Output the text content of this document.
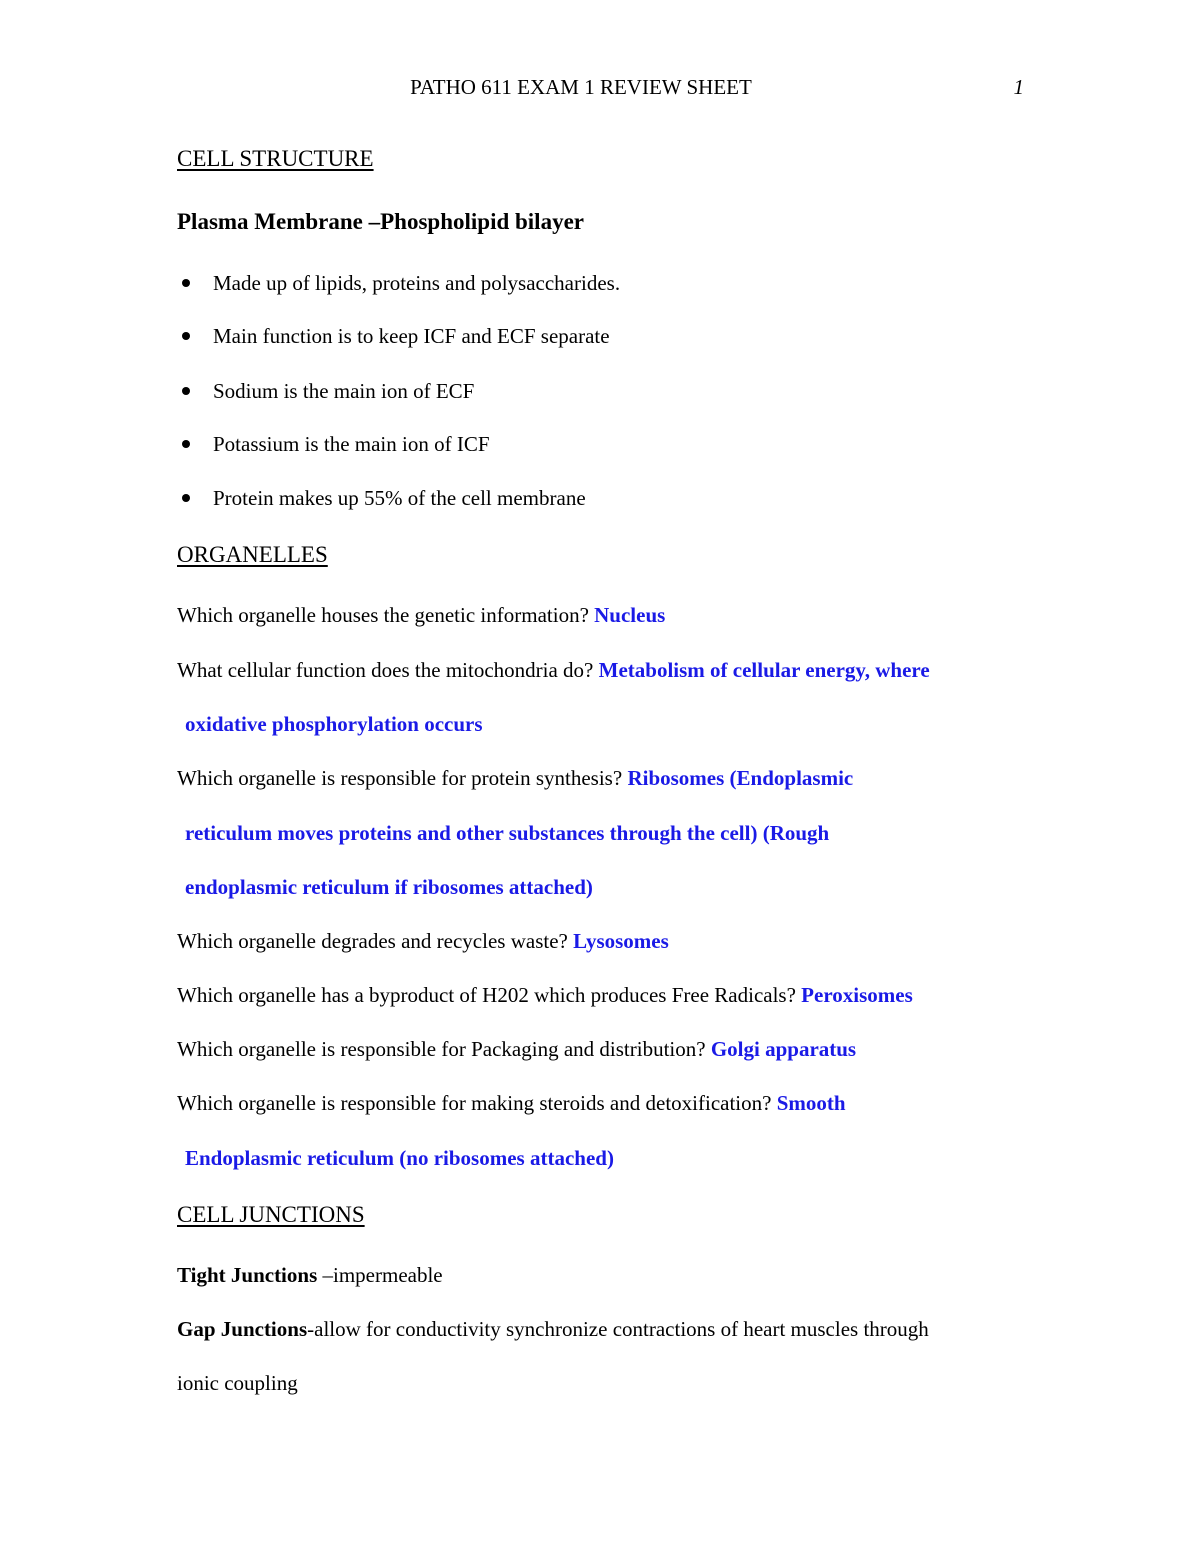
PATHO 611 EXAM 1 REVIEW SHEET	1
CELL STRUCTURE
Plasma Membrane –Phospholipid bilayer
Made up of lipids, proteins and polysaccharides.
Main function is to keep ICF and ECF separate
Sodium is the main ion of ECF
Potassium is the main ion of ICF
Protein makes up 55% of the cell membrane
ORGANELLES
Which organelle houses the genetic information? Nucleus
What cellular function does the mitochondria do? Metabolism of cellular energy, where
oxidative phosphorylation occurs
Which organelle is responsible for protein synthesis? Ribosomes (Endoplasmic
reticulum moves proteins and other substances through the cell) (Rough
endoplasmic reticulum if ribosomes attached)
Which organelle degrades and recycles waste? Lysosomes
Which organelle has a byproduct of H202 which produces Free Radicals? Peroxisomes
Which organelle is responsible for Packaging and distribution? Golgi apparatus
Which organelle is responsible for making steroids and detoxification? Smooth
Endoplasmic reticulum (no ribosomes attached)
CELL JUNCTIONS
Tight Junctions –impermeable
Gap Junctions-allow for conductivity synchronize contractions of heart muscles through
ionic coupling
